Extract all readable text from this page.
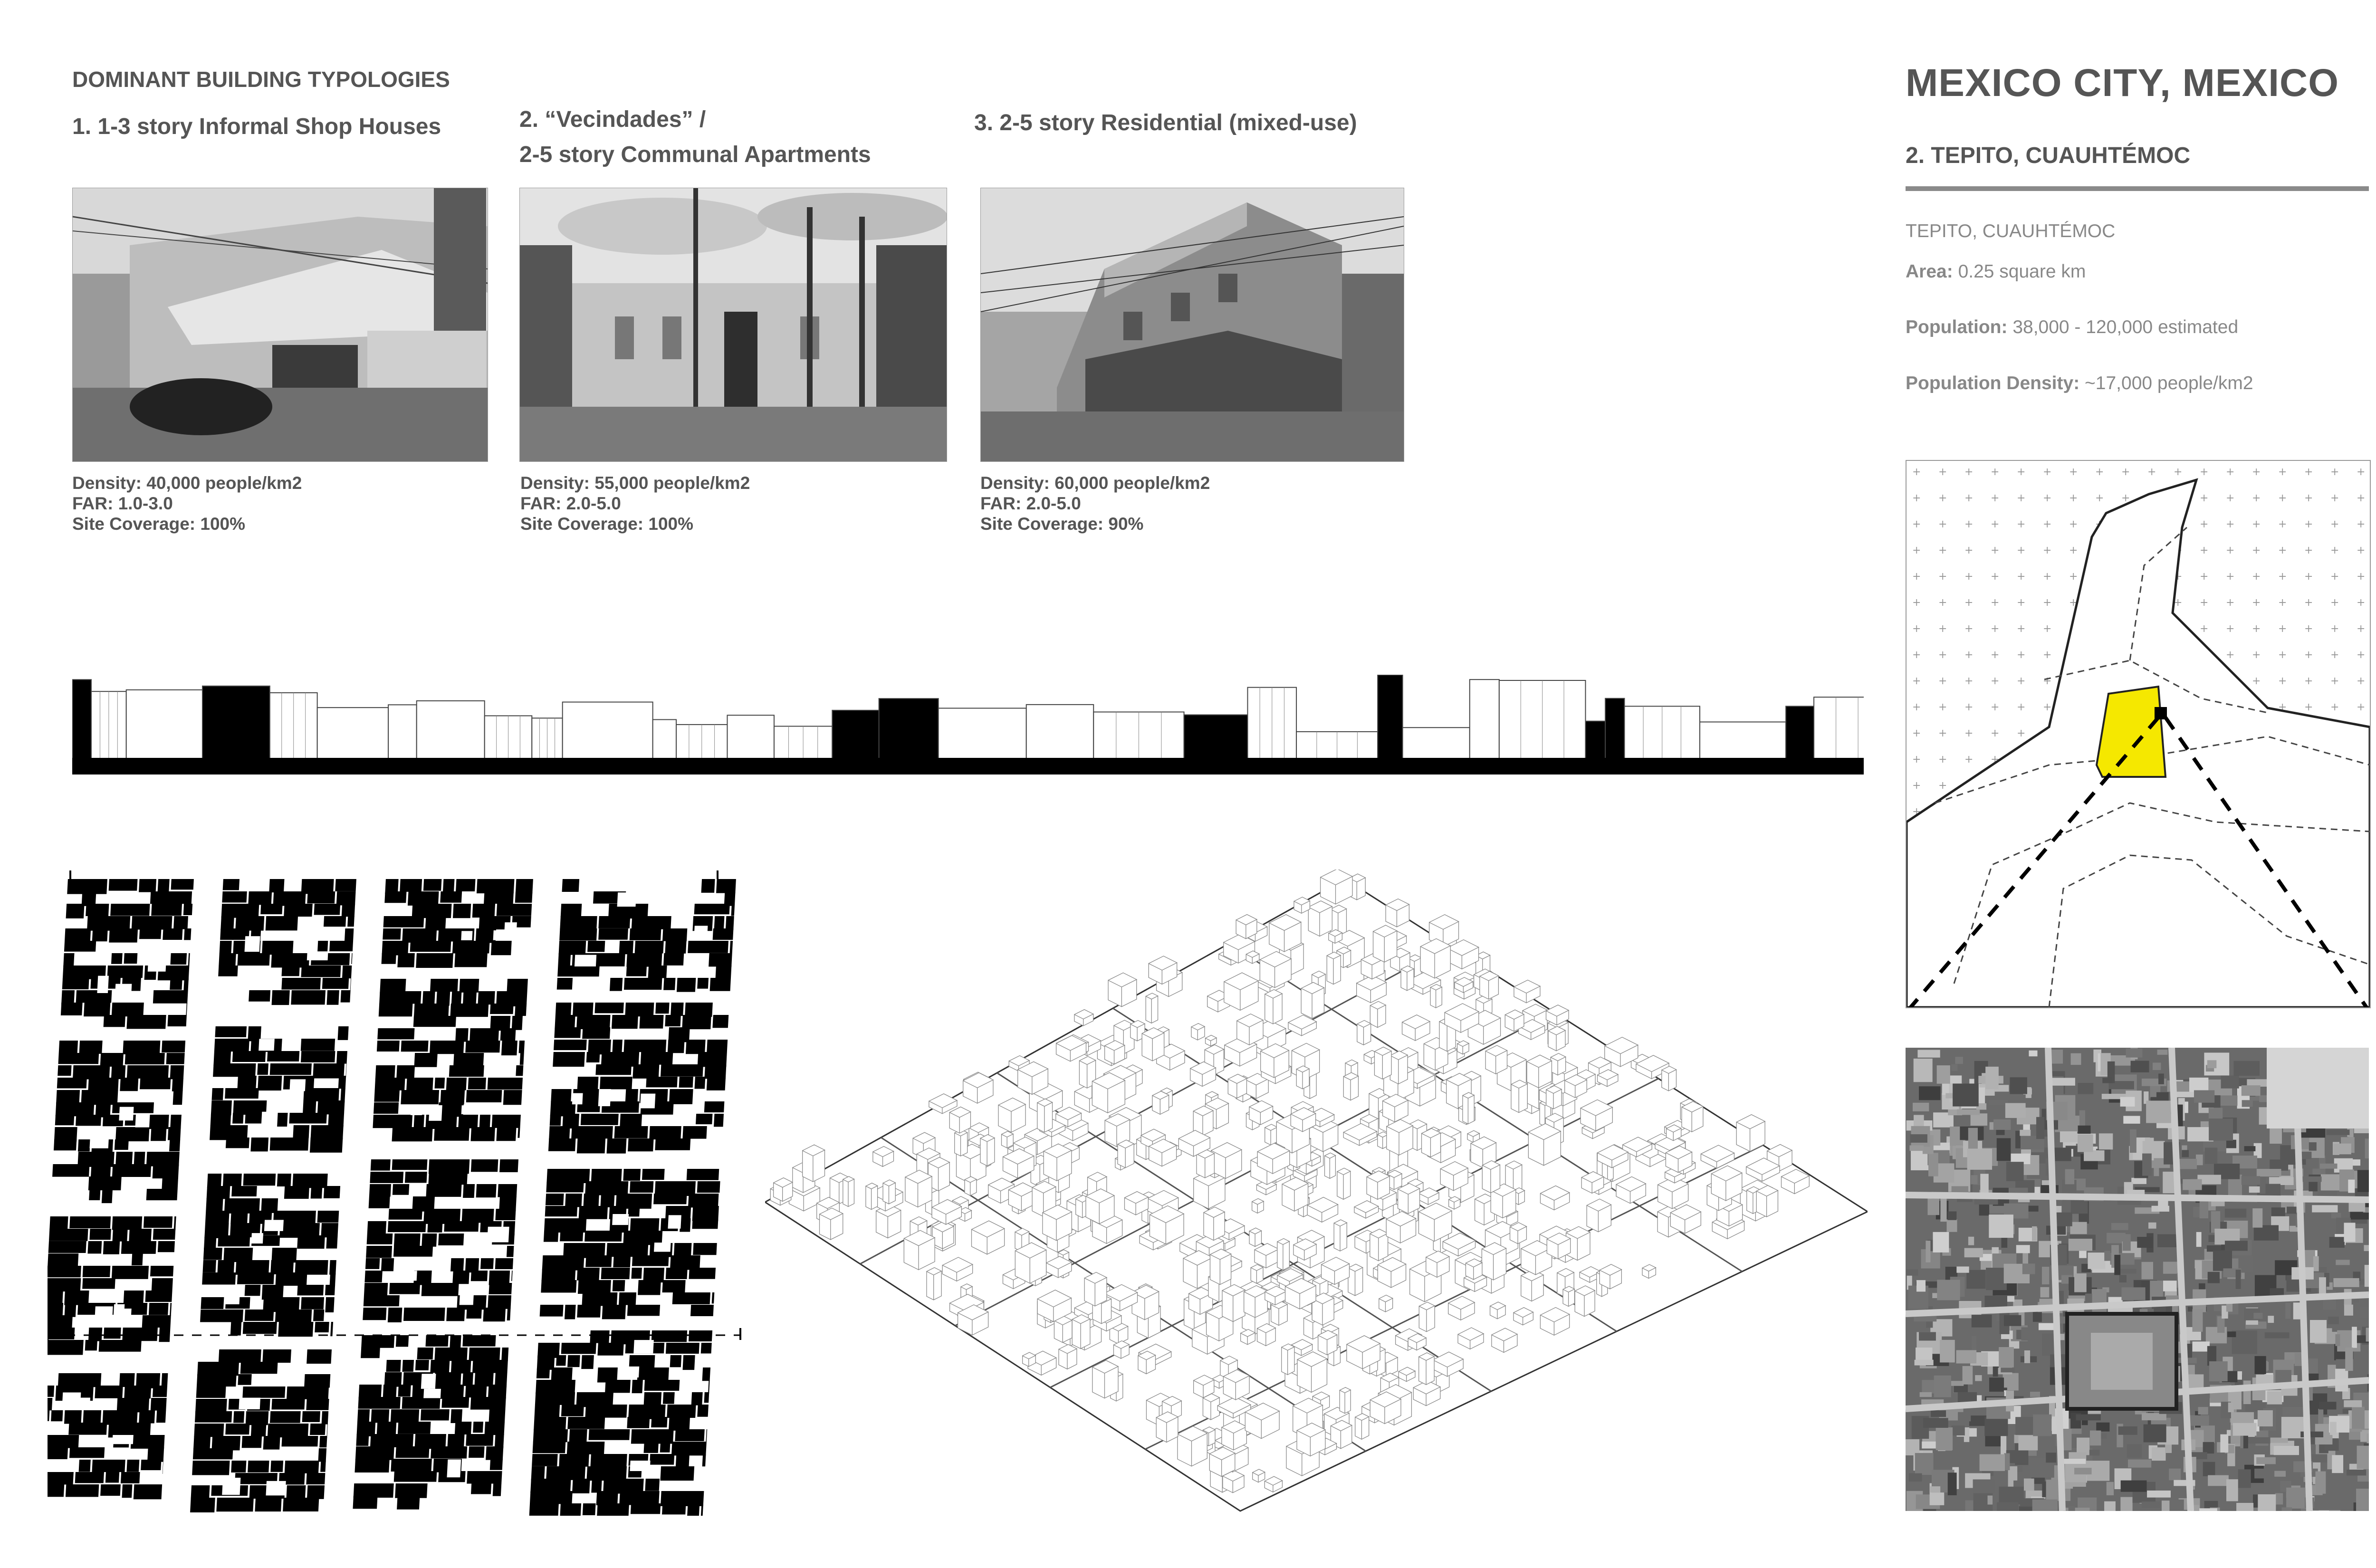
DOMINANT BUILDING TYPOLOGIES
1. 1-3 story Informal Shop Houses	2. “Vecindades” /
2-5 story Communal Apartments
3. 2-5 story Residential (mixed-use)
Density: 40,000 people/km2
FAR: 1.0-3.0
Site Coverage: 100%
Density: 55,000 people/km2
FAR: 2.0-5.0
Site Coverage: 100%
Density: 60,000 people/km2
FAR: 2.0-5.0
Site Coverage: 90%
MEXICO CITY, MEXICO
2. TEPITO, CUAUHTÉMOC
TEPITO, CUAUHTÉMOC
Area: 0.25 square km
Population: 38,000 - 120,000 estimated
Population Density: ~17,000 people/km2
